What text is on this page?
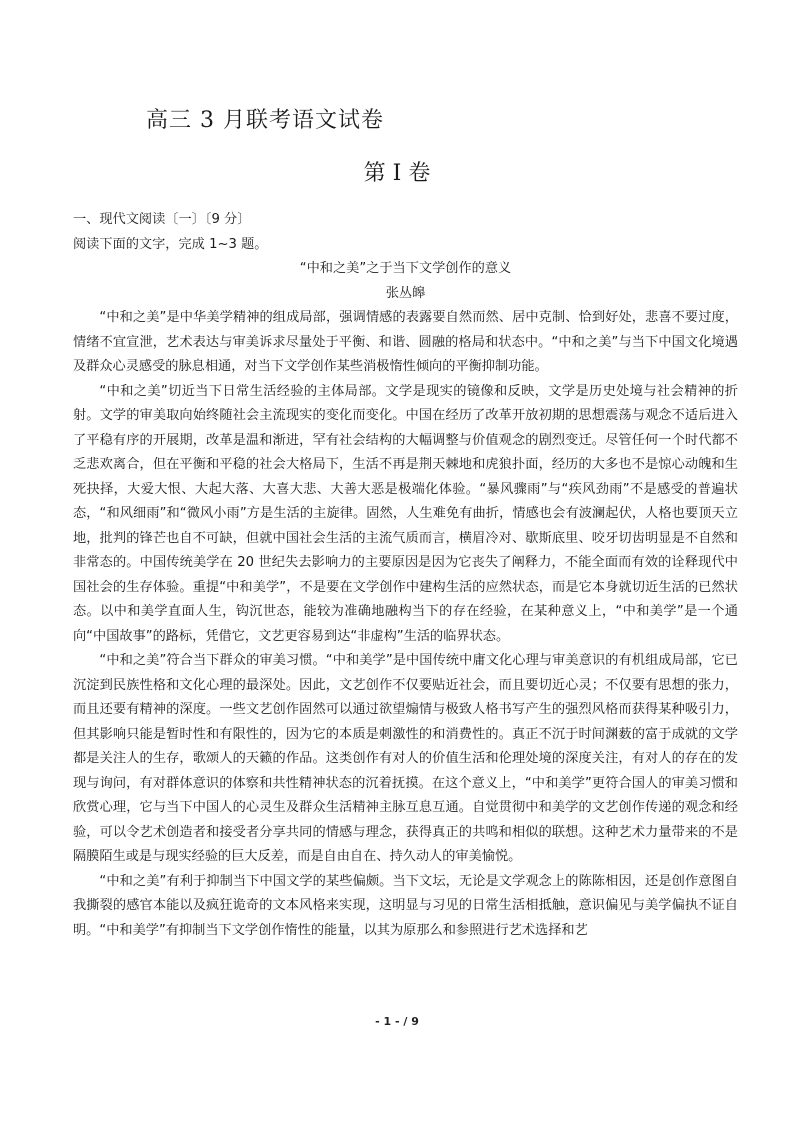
高三 3 月联考语文试卷
第 I 卷

一、现代文阅读〔一〕〔9 分〕

阅读下面的文字，完成 1~3 题。

“中和之美”之于当下文学创作的意义

张丛皞

“中和之美”是中华美学精神的组成局部，强调情感的表露要自然而然、居中克制、恰到好处，悲喜不要过度，情绪不宜宣泄，艺术表达与审美诉求尽量处于平衡、和谐、圆融的格局和状态中。“中和之美”与当下中国文化境遇及群众心灵感受的脉息相通，对当下文学创作某些消极惰性倾向的平衡抑制功能。

“中和之美”切近当下日常生活经验的主体局部。文学是现实的镜像和反映，文学是历史处境与社会精神的折射。文学的审美取向始终随社会主流现实的变化而变化。中国在经历了改革开放初期的思想震荡与观念不适后进入了平稳有序的开展期，改革是温和渐进，罕有社会结构的大幅调整与价值观念的剧烈变迁。尽管任何一个时代都不乏悲欢离合，但在平衡和平稳的社会大格局下，生活不再是荆天棘地和虎狼扑面，经历的大多也不是惊心动魄和生死抉择，大爱大恨、大起大落、大喜大悲、大善大恶是极端化体验。“暴风骤雨”与“疾风劲雨”不是感受的普遍状态，“和风细雨”和“微风小雨”方是生活的主旋律。固然，人生难免有曲折，情感也会有波澜起伏，人格也要顶天立地，批判的锋芒也自不可缺，但就中国社会生活的主流气质而言，横眉冷对、歇斯底里、咬牙切齿明显是不自然和非常态的。中国传统美学在 20 世纪失去影响力的主要原因是因为它丧失了阐释力，不能全面而有效的诠释现代中国社会的生存体验。重提“中和美学”，不是要在文学创作中建构生活的应然状态，而是它本身就切近生活的已然状态。以中和美学直面人生，钩沉世态，能较为准确地融构当下的存在经验，在某种意义上，“中和美学”是一个通向“中国故事”的路标，凭借它，文艺更容易到达“非虚构”生活的临界状态。

“中和之美”符合当下群众的审美习惯。“中和美学”是中国传统中庸文化心理与审美意识的有机组成局部，它已沉淀到民族性格和文化心理的最深处。因此，文艺创作不仅要贴近社会，而且要切近心灵；不仅要有思想的张力，而且还要有精神的深度。一些文艺创作固然可以通过欲望煽情与极致人格书写产生的强烈风格而获得某种吸引力，但其影响只能是暂时性和有限性的，因为它的本质是刺激性的和消费性的。真正不沉于时间渊薮的富于成就的文学都是关注人的生存，歌颂人的天籁的作品。这类创作有对人的价值生活和伦理处境的深度关注，有对人的存在的发现与询问，有对群体意识的体察和共性精神状态的沉着抚摸。在这个意义上，“中和美学”更符合国人的审美习惯和欣赏心理，它与当下中国人的心灵生及群众生活精神主脉互息互通。自觉贯彻中和美学的文艺创作传递的观念和经验，可以令艺术创造者和接受者分享共同的情感与理念，获得真正的共鸣和相似的联想。这种艺术力量带来的不是隔膜陌生或是与现实经验的巨大反差，而是自由自在、持久动人的审美愉悦。

“中和之美”有利于抑制当下中国文学的某些偏颇。当下文坛，无论是文学观念上的陈陈相因，还是创作意图自我撕裂的感官本能以及疯狂诡奇的文本风格来实现，这明显与习见的日常生活相抵触，意识偏见与美学偏执不证自明。“中和美学”有抑制当下文学创作惰性的能量，以其为原那么和参照进行艺术选择和艺

- 1 - / 9
